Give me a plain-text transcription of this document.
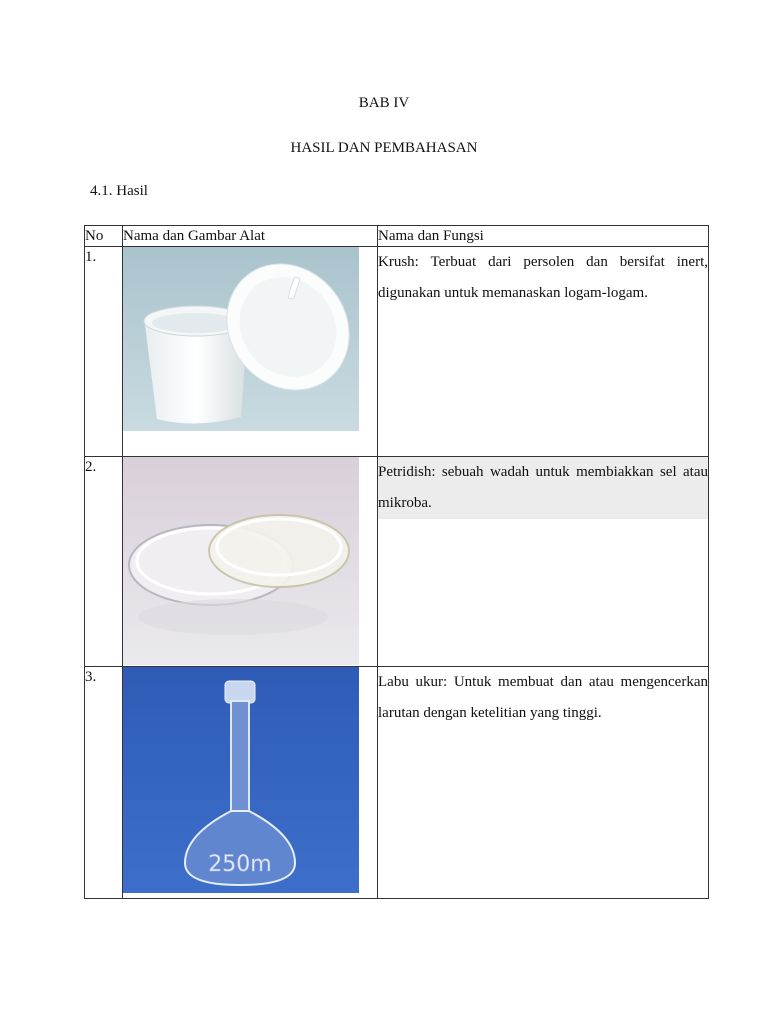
BAB IV
HASIL DAN PEMBAHASAN
4.1. Hasil
No	Nama dan Gambar Alat	Nama dan Fungsi
1.		Krush: Terbuat dari persolen dan bersifat inert, digunakan untuk memanaskan logam-logam.

2.		Petridish: sebuah wadah untuk membiakkan sel atau mikroba.

3.	250m	Labu ukur: Untuk membuat dan atau mengencerkan larutan dengan ketelitian yang tinggi.
